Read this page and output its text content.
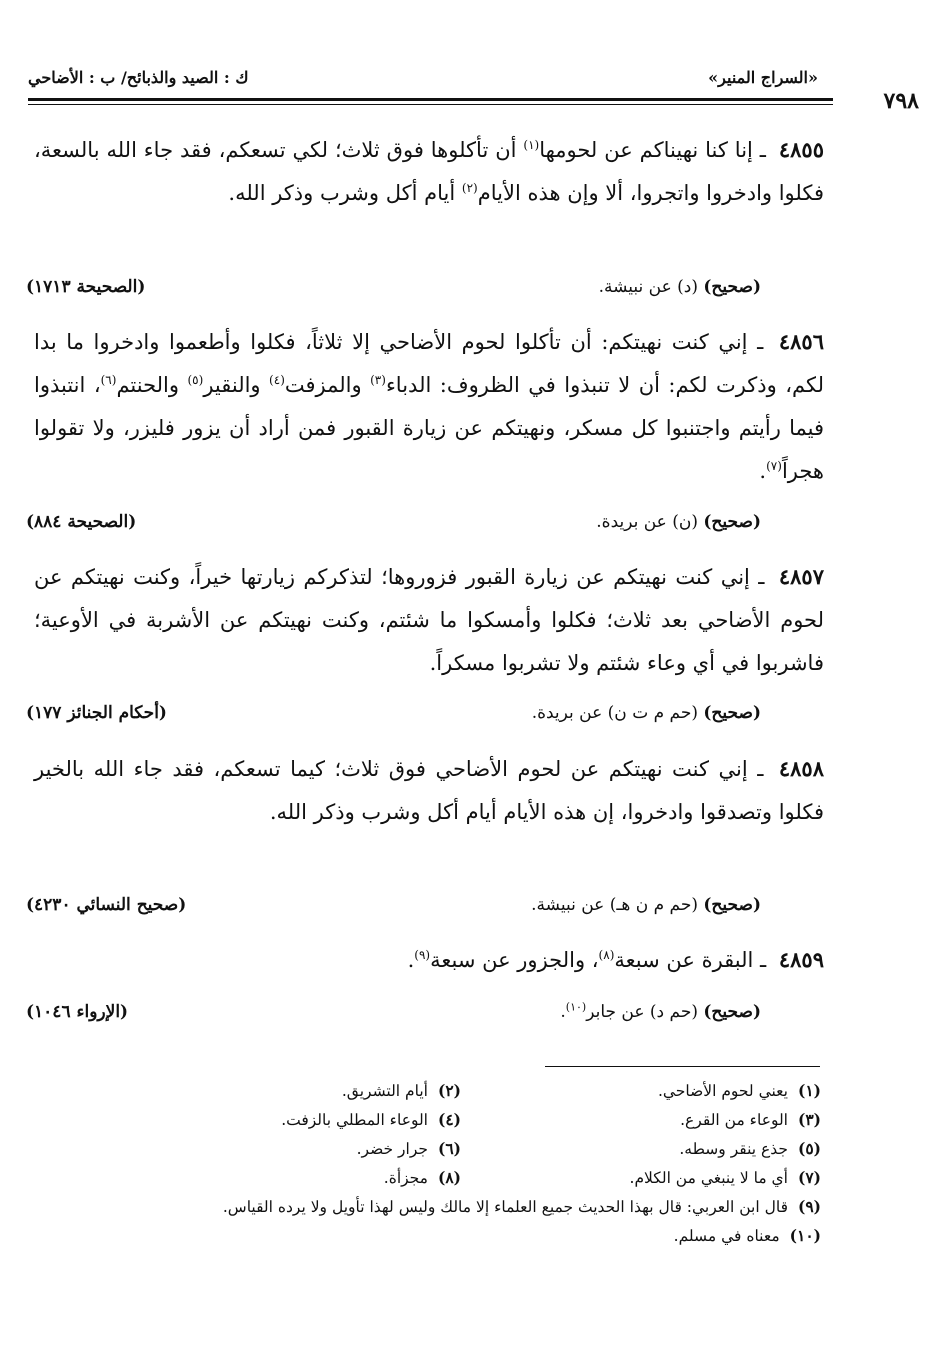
«السراج المنير»
ك : الصيد والذبائح/ ب : الأضاحي
٧٩٨
٤٨٥٥ ـ إنا كنا نهيناكم عن لحومها$^{(١)}$ أن تأكلوها فوق ثلاث؛ لكي تسعكم، فقد جاء الله بالسعة، فكلوا وادخروا واتجروا، ألا وإن هذه الأيام$^{(٢)}$ أيام أكل وشرب وذكر الله.
(صحيح) (د) عن نبيشة.
(الصحيحة ١٧١٣)
٤٨٥٦ ـ إني كنت نهيتكم: أن تأكلوا لحوم الأضاحي إلا ثلاثاً، فكلوا وأطعموا وادخروا ما بدا لكم، وذكرت لكم: أن لا تنبذوا في الظروف: الدباء$^{(٣)}$ والمزفت$^{(٤)}$ والنقير$^{(٥)}$ والحنتم$^{(٦)}$، انتبذوا فيما رأيتم واجتنبوا كل مسكر، ونهيتكم عن زيارة القبور فمن أراد أن يزور فليزر، ولا تقولوا هجراً$^{(٧)}$.
(صحيح) (ن) عن بريدة.
(الصحيحة ٨٨٤)
٤٨٥٧ ـ إني كنت نهيتكم عن زيارة القبور فزوروها؛ لتذكركم زيارتها خيراً، وكنت نهيتكم عن لحوم الأضاحي بعد ثلاث؛ فكلوا وأمسكوا ما شئتم، وكنت نهيتكم عن الأشربة في الأوعية؛ فاشربوا في أي وعاء شئتم ولا تشربوا مسكراً.
(صحيح) (حم م ت ن) عن بريدة.
(أحكام الجنائز ١٧٧)
٤٨٥٨ ـ إني كنت نهيتكم عن لحوم الأضاحي فوق ثلاث؛ كيما تسعكم، فقد جاء الله بالخير فكلوا وتصدقوا وادخروا، إن هذه الأيام أيام أكل وشرب وذكر الله.
(صحيح) (حم م ن هـ) عن نبيشة.
(صحيح النسائي ٤٢٣٠)
٤٨٥٩ ـ البقرة عن سبعة$^{(٨)}$، والجزور عن سبعة$^{(٩)}$.
(صحيح) (حم د) عن جابر$^{(١٠)}$.
(الإرواء ١٠٤٦)
(١)يعني لحوم الأضاحي.
(٢)أيام التشريق.
(٣)الوعاء من القرع.
(٤)الوعاء المطلي بالزفت.
(٥)جذع ينقر وسطه.
(٦)جرار خضر.
(٧)أي ما لا ينبغي من الكلام.
(٨)مجزأة.
(٩)قال ابن العربي: قال بهذا الحديث جميع العلماء إلا مالك وليس لهذا تأويل ولا يرده القياس.
(١٠)معناه في مسلم.
